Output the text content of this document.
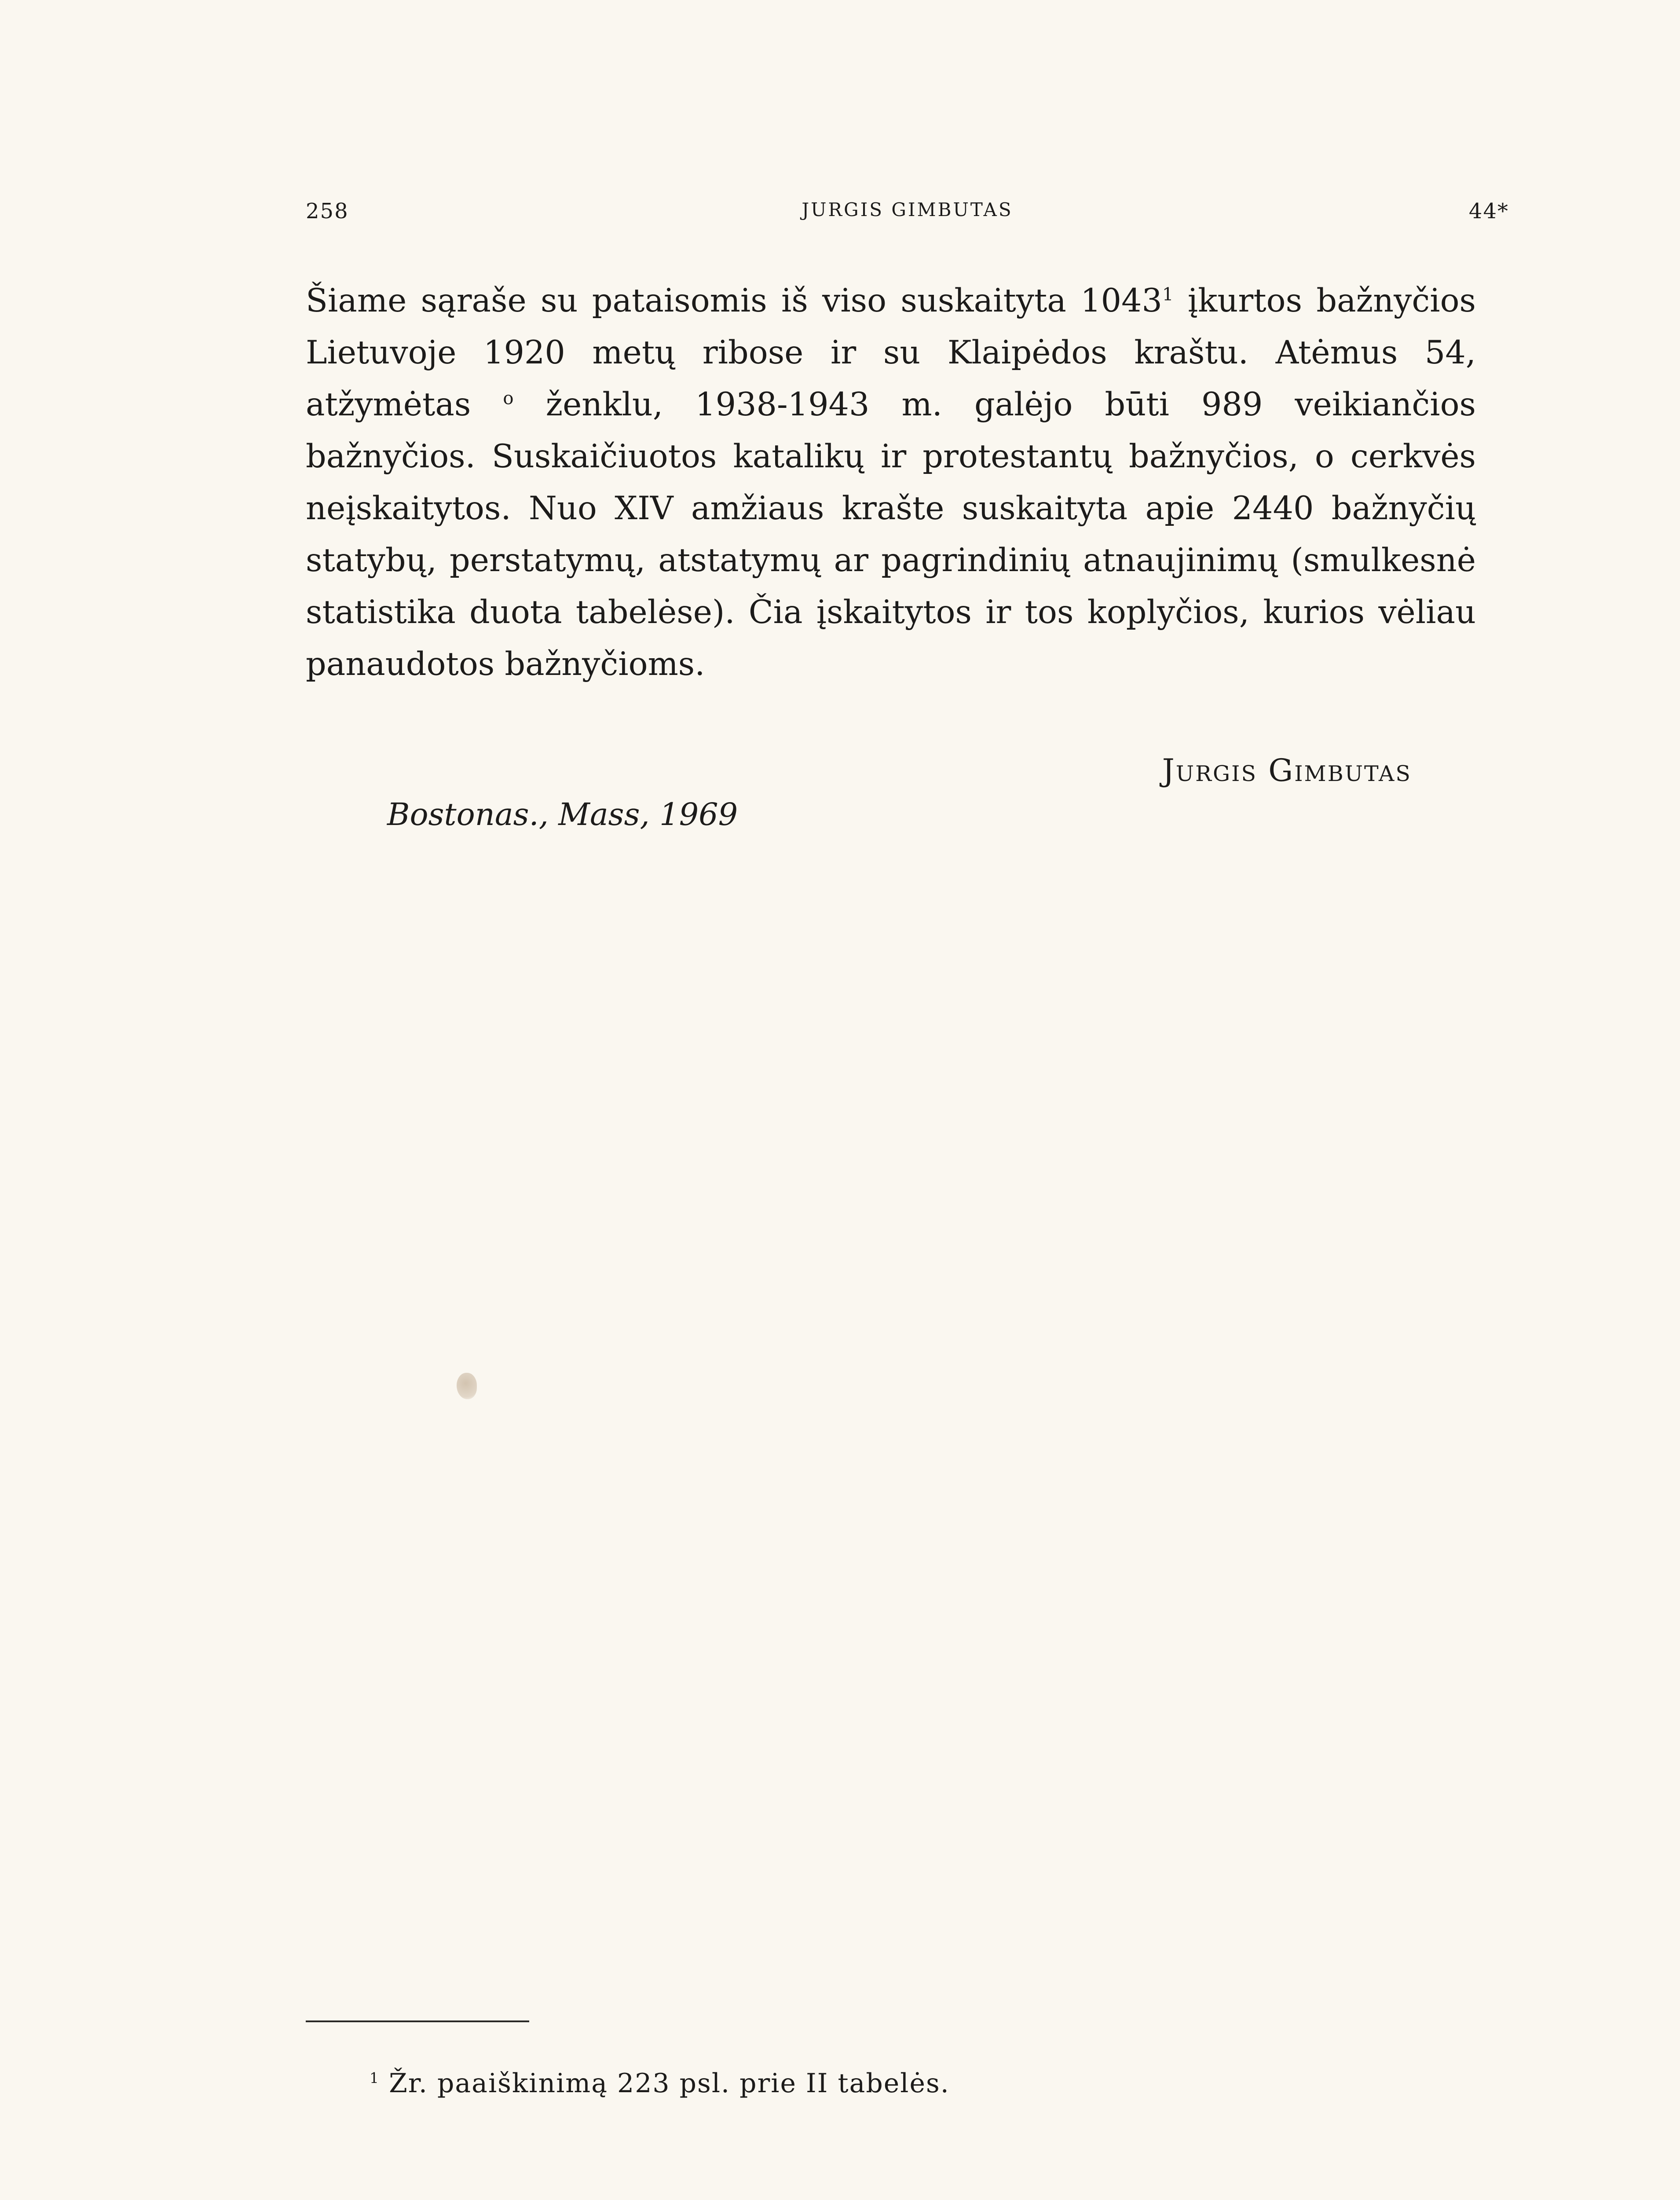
258	JURGIS GIMBUTAS	44*

Šiame sąraše su pataisomis iš viso suskaityta 1043$^1$ įkurtos bažnyčios Lietuvoje 1920 metų ribose ir su Klaipėdos kraštu. Atėmus 54, atžymėtas $^o$ ženklu, 1938-1943 m. galėjo būti 989 veikiančios bažnyčios. Suskaičiuotos katalikų ir protestantų bažnyčios, o cerkvės neįskaitytos. Nuo XIV amžiaus krašte suskaityta apie 2440 bažnyčių statybų, perstatymų, atstatymų ar pagrindinių atnaujinimų (smulkesnė statistika duota tabelėse). Čia įskaitytos ir tos koplyčios, kurios vėliau panaudotos bažnyčioms.

Jurgis Gimbutas
Bostonas., Mass, 1969
$^1$ Žr. paaiškinimą 223 psl. prie II tabelės.
